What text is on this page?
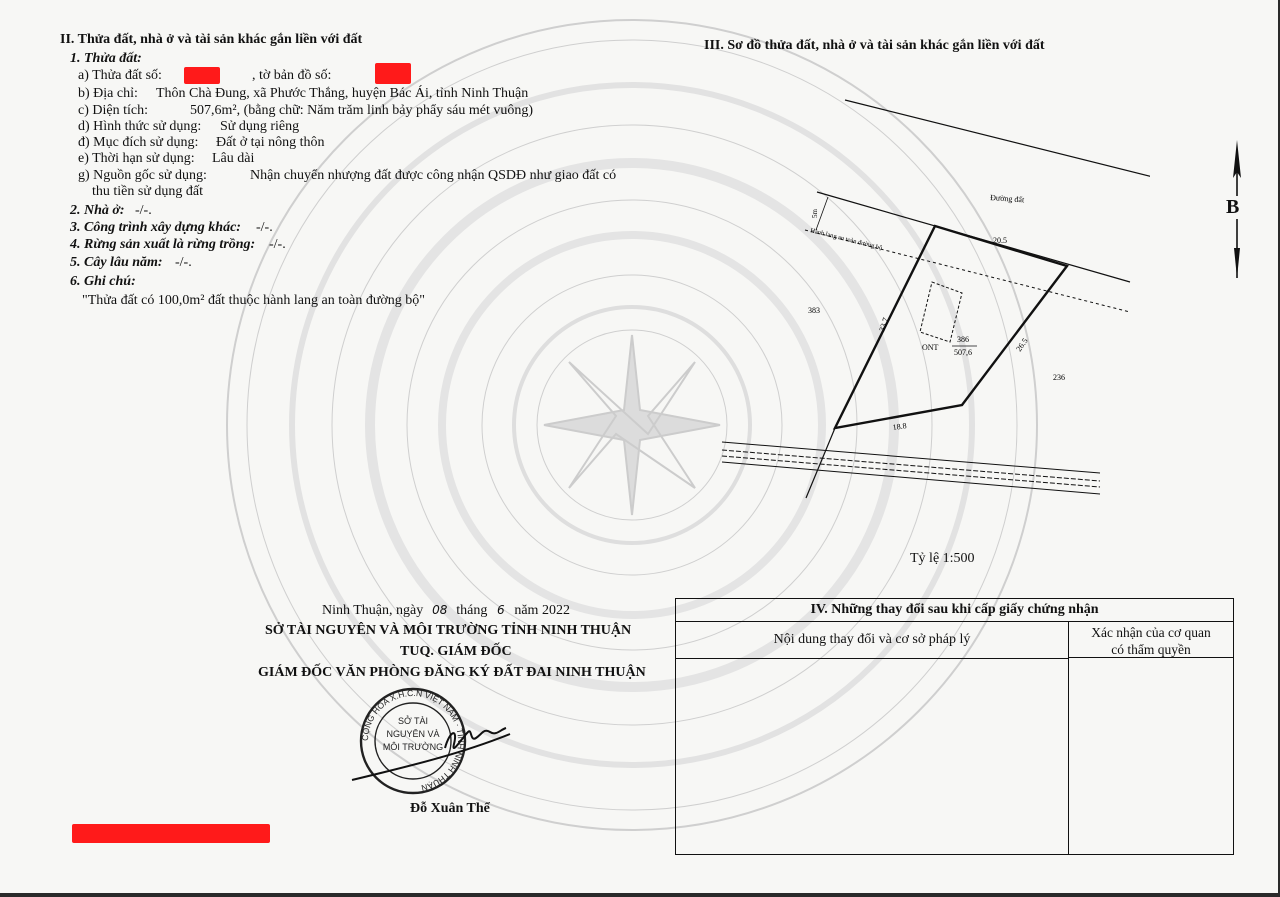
II. Thửa đất, nhà ở và tài sản khác gắn liền với đất
1. Thửa đất:
a) Thửa đất số:	, tờ bản đồ số:
b) Địa chỉ: Thôn Chà Đung, xã Phước Thắng, huyện Bác Ái, tỉnh Ninh Thuận
c) Diện tích:	507,6m², (bằng chữ: Năm trăm linh bảy phẩy sáu mét vuông)
d) Hình thức sử dụng: Sử dụng riêng
đ) Mục đích sử dụng: Đất ở tại nông thôn
e) Thời hạn sử dụng: Lâu dài
g) Nguồn gốc sử dụng:	Nhận chuyển nhượng đất được công nhận QSDĐ như giao đất có
thu tiền sử dụng đất
2. Nhà ở: -/-.
3. Công trình xây dựng khác: -/-.
4. Rừng sản xuất là rừng trồng: -/-.
5. Cây lâu năm: -/-.
6. Ghi chú:
"Thửa đất có 100,0m² đất thuộc hành lang an toàn đường bộ"
III. Sơ đồ thửa đất, nhà ở và tài sản khác gắn liền với đất
Đường đất
Hành lang an toàn đường bộ
5m
20.5
33.7
26.5
18.8
386
507,6
ONT
383
236
B
Tỷ lệ 1:500
Ninh Thuận, ngày 08 tháng 6 năm 2022
SỞ TÀI NGUYÊN VÀ MÔI TRƯỜNG TỈNH NINH THUẬN
TUQ. GIÁM ĐỐC
GIÁM ĐỐC VĂN PHÒNG ĐĂNG KÝ ĐẤT ĐAI NINH THUẬN
CỘNG HÒA X.H.C.N VIỆT NAM · TỈNH NINH THUẬN
SỞ TÀI NGUYÊN VÀ MÔI TRƯỜNG
Đỗ Xuân Thể
IV. Những thay đổi sau khi cấp giấy chứng nhận
Nội dung thay đổi và cơ sở pháp lý	Xác nhận của cơ quan
có thẩm quyền
